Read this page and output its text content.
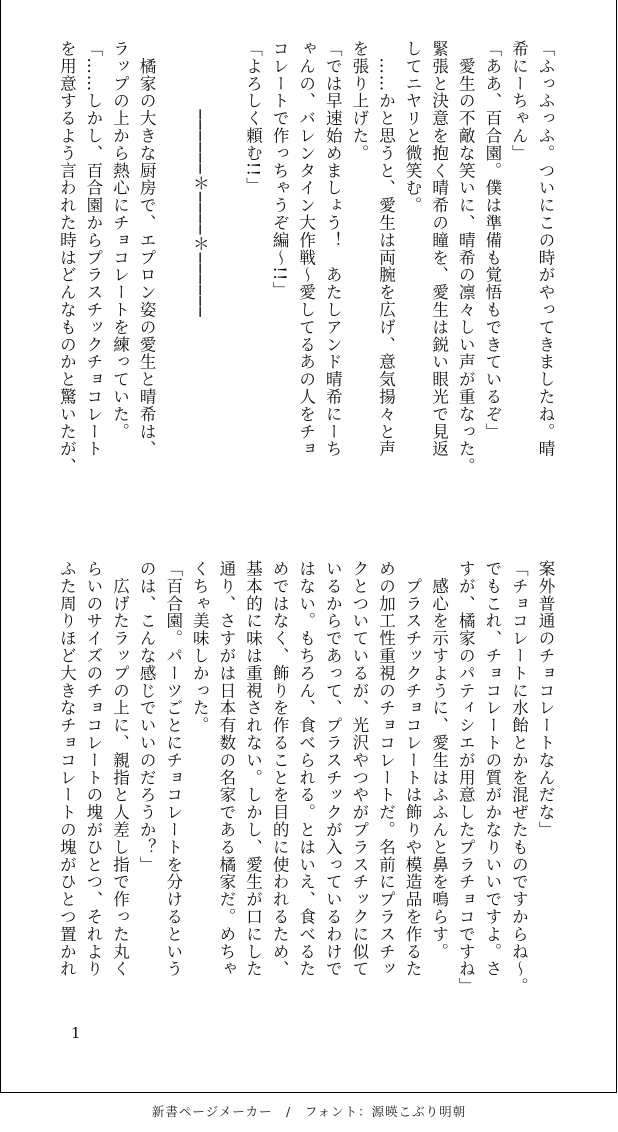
「ふっふっふ。ついにこの時がやってきましたね。晴
希にーちゃん」
「ああ、百合園。僕は準備も覚悟もできているぞ」
　愛生の不敵な笑いに、晴希の凛々しい声が重なった。
緊張と決意を抱く晴希の瞳を、愛生は鋭い眼光で見返
してニヤリと微笑む。
　……かと思うと、愛生は両腕を広げ、意気揚々と声
を張り上げた。
「では早速始めましょう！　あたしアンド晴希にーち
ゃんの、バレンタイン大作戦〜愛してるあの人をチョ
コレートで作っちゃうぞ編〜!!」
「よろしく頼む!!」
　　　　──────＊────＊──────
　橘家の大きな厨房で、エプロン姿の愛生と晴希は、
ラップの上から熱心にチョコレートを練っていた。
「……しかし、百合園からプラスチックチョコレート
を用意するよう言われた時はどんなものかと驚いたが、
案外普通のチョコレートなんだな」
「チョコレートに水飴とかを混ぜたものですからね〜。
でもこれ、チョコレートの質がかなりいいですよ。さ
すが、橘家のパティシエが用意したプラチョコですね」
　感心を示すように、愛生はふふんと鼻を鳴らす。
　プラスチックチョコレートは飾りや模造品を作るた
めの加工性重視のチョコレートだ。名前にプラスチッ
クとついているが、光沢やつやがプラスチックに似て
いるからであって、プラスチックが入っているわけで
はない。もちろん、食べられる。とはいえ、食べるた
めではなく、飾りを作ることを目的に使われるため、
基本的に味は重視されない。しかし、愛生が口にした
通り、さすがは日本有数の名家である橘家だ。めちゃ
くちゃ美味しかった。
「百合園。パーツごとにチョコレートを分けるという
のは、こんな感じでいいのだろうか？」
　広げたラップの上に、親指と人差し指で作った丸く
らいのサイズのチョコレートの塊がひとつ、それより
ふた周りほど大きなチョコレートの塊がひとつ置かれ
1
新書ページメーカー　/　フォント：源暎こぶり明朝
